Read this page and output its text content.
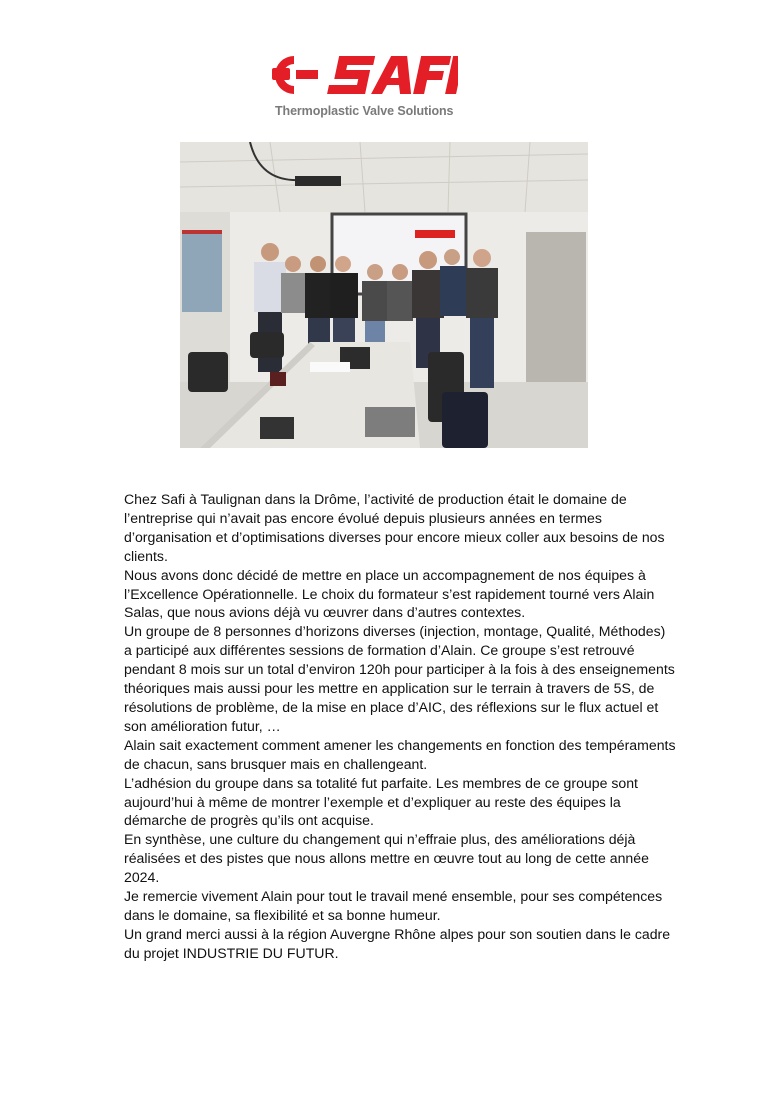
Thermoplastic Valve Solutions

Chez Safi à Taulignan dans la Drôme, l’activité de production était le domaine de l’entreprise qui n’avait pas encore évolué depuis plusieurs années en termes d’organisation et d’optimisations diverses pour encore mieux coller aux besoins de nos clients.

Nous avons donc décidé de mettre en place un accompagnement de nos équipes à l’Excellence Opérationnelle. Le choix du formateur s’est rapidement tourné vers Alain Salas, que nous avions déjà vu œuvrer dans d’autres contextes.

Un groupe de 8 personnes d’horizons diverses (injection, montage, Qualité, Méthodes) a participé aux différentes sessions de formation d’Alain. Ce groupe s’est retrouvé pendant 8 mois sur un total d’environ 120h pour participer à la fois à des enseignements théoriques mais aussi pour les mettre en application sur le terrain à travers de 5S, de résolutions de problème, de la mise en place d’AIC, des réflexions sur le flux actuel et son amélioration futur, …

Alain sait exactement comment amener les changements en fonction des tempéraments de chacun, sans brusquer mais en challengeant.

L’adhésion du groupe dans sa totalité fut parfaite. Les membres de ce groupe sont aujourd’hui à même de montrer l’exemple et d’expliquer au reste des équipes la démarche de progrès qu’ils ont acquise.

En synthèse, une culture du changement qui n’effraie plus, des améliorations déjà réalisées et des pistes que nous allons mettre en œuvre tout au long de cette année 2024.

Je remercie vivement Alain pour tout le travail mené ensemble, pour ses compétences dans le domaine, sa flexibilité et sa bonne humeur.

Un grand merci aussi à la région Auvergne Rhône alpes pour son soutien dans le cadre du projet INDUSTRIE DU FUTUR.
